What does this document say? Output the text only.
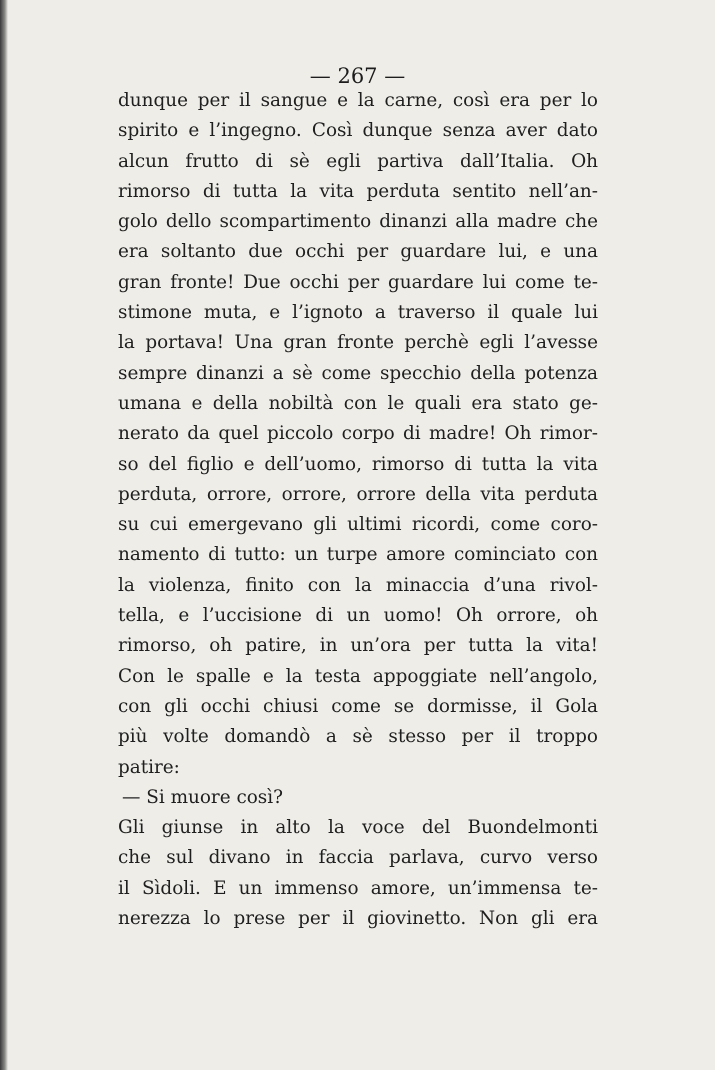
— 267 —
dunque per il sangue e la carne, così era per lo
spirito e l’ingegno. Così dunque senza aver dato
alcun frutto di sè egli partiva dall’Italia. Oh
rimorso di tutta la vita perduta sentito nell’an-
golo dello scompartimento dinanzi alla madre che
era soltanto due occhi per guardare lui, e una
gran fronte! Due occhi per guardare lui come te-
stimone muta, e l’ignoto a traverso il quale lui
la portava! Una gran fronte perchè egli l’avesse
sempre dinanzi a sè come specchio della potenza
umana e della nobiltà con le quali era stato ge-
nerato da quel piccolo corpo di madre! Oh rimor-
so del figlio e dell’uomo, rimorso di tutta la vita
perduta, orrore, orrore, orrore della vita perduta
su cui emergevano gli ultimi ricordi, come coro-
namento di tutto: un turpe amore cominciato con
la violenza, finito con la minaccia d’una rivol-
tella, e l’uccisione di un uomo! Oh orrore, oh
rimorso, oh patire, in un’ora per tutta la vita!
Con le spalle e la testa appoggiate nell’angolo,
con gli occhi chiusi come se dormisse, il Gola
più volte domandò a sè stesso per il troppo
patire:
— Si muore così?
Gli giunse in alto la voce del Buondelmonti
che sul divano in faccia parlava, curvo verso
il Sìdoli. E un immenso amore, un’immensa te-
nerezza lo prese per il giovinetto. Non gli era
